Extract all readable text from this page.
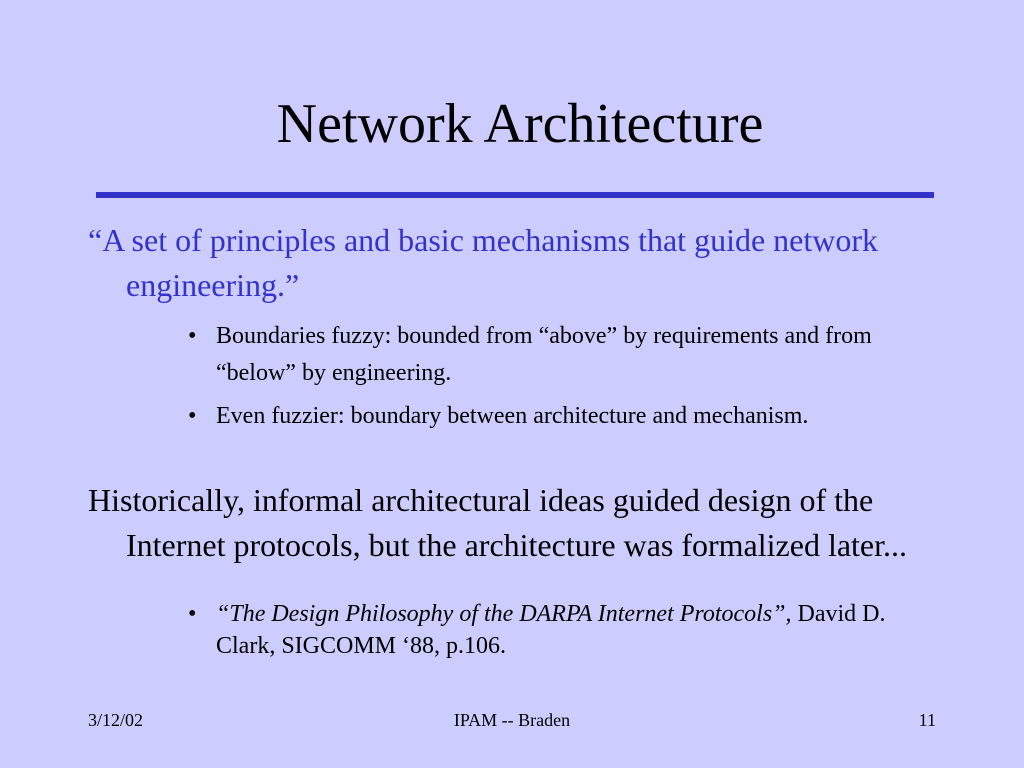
Network Architecture

“A set of principles and basic mechanisms that guide network engineering.”

• Boundaries fuzzy: bounded from “above” by requirements and from “below” by engineering.
• Even fuzzier: boundary between architecture and mechanism.

Historically, informal architectural ideas guided design of the Internet protocols, but the architecture was formalized later...

• “The Design Philosophy of the DARPA Internet Protocols”, David D. Clark, SIGCOMM ‘88, p.106.
3/12/02	IPAM -- Braden	11
